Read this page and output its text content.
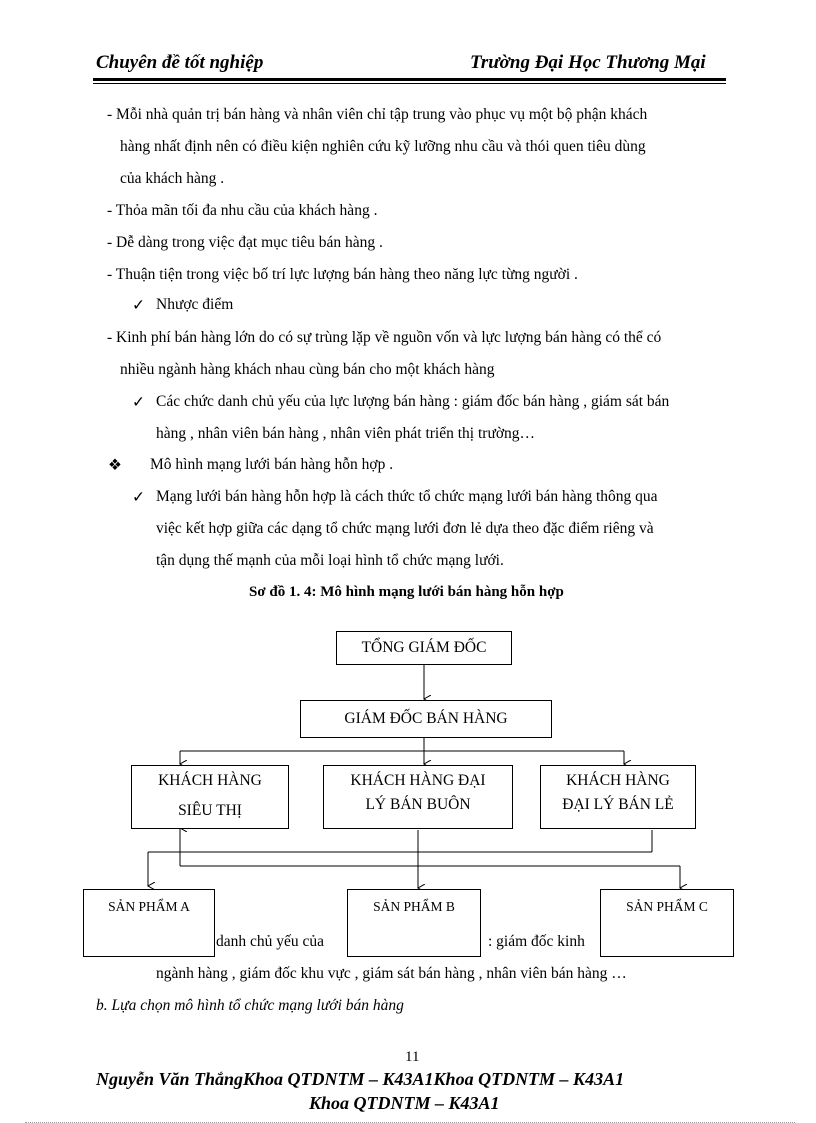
Chuyên đề tốt nghiệp	Trường Đại Học Thương Mại
- Mỗi nhà quản trị bán hàng và nhân viên chỉ tập trung vào phục vụ một bộ phận khách
hàng nhất định nên có điều kiện nghiên cứu kỹ lưỡng nhu cầu và thói quen tiêu dùng
của khách hàng .
- Thỏa mãn tối đa nhu cầu của khách hàng .
- Dễ dàng trong việc đạt mục tiêu bán hàng .
- Thuận tiện trong việc bố trí lực lượng bán hàng theo năng lực từng người .
✓ Nhược điểm
- Kinh phí bán hàng lớn do có sự trùng lặp về nguồn vốn và lực lượng bán hàng có thể có
nhiều ngành hàng khách nhau cùng bán cho một khách hàng
✓ Các chức danh chủ yếu của lực lượng bán hàng : giám đốc bán hàng , giám sát bán
hàng , nhân viên bán hàng , nhân viên phát triển thị trường…
❖ Mô hình mạng lưới bán hàng hỗn hợp .
✓ Mạng lưới bán hàng hỗn hợp là cách thức tổ chức mạng lưới bán hàng thông qua
việc kết hợp giữa các dạng tổ chức mạng lưới đơn lẻ dựa theo đặc điểm riêng và
tận dụng thế mạnh của mỗi loại hình tổ chức mạng lưới.
Sơ đồ 1. 4: Mô hình mạng lưới bán hàng hỗn hợp
danh chủ yếu của	: giám đốc kinh
TỔNG GIÁM ĐỐC
GIÁM ĐỐC BÁN HÀNG
KHÁCH HÀNG
SIÊU THỊ
KHÁCH HÀNG ĐẠI
LÝ BÁN BUÔN
KHÁCH HÀNG
ĐẠI LÝ BÁN LẺ
SẢN PHẨM A	SẢN PHẨM B	SẢN PHẨM C
ngành hàng , giám đốc khu vực , giám sát bán hàng , nhân viên bán hàng …
b. Lựa chọn mô hình tổ chức mạng lưới bán hàng
11
Nguyễn Văn ThắngKhoa QTDNTM – K43A1Khoa QTDNTM – K43A1
Khoa QTDNTM – K43A1
